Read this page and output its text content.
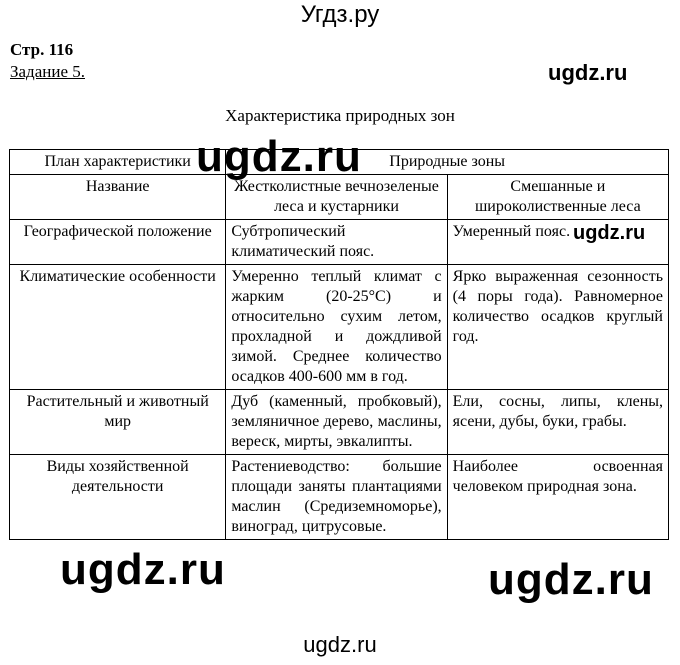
Угдз.ру
Стр. 116
Задание 5.	ugdz.ru
Характеристика природных зон
План характеристики	Природные зоны	
Название	Жестколистные вечнозеленые леса и кустарники	Смешанные и широколиственные леса
Географической положение	Субтропический климатический пояс.	Умеренный пояс.
Климатические особенности	Умеренно теплый климат с жарким (20-25°С) и относительно сухим летом, прохладной и дождливой зимой. Среднее количество осадков 400-600 мм в год.	Ярко выраженная сезонность (4 поры года). Равномерное количество осадков круглый год.
Растительный и животный мир	Дуб (каменный, пробковый), земляничное дерево, маслины, вереск, мирты, эвкалипты.	Ели, сосны, липы, клены, ясени, дубы, буки, грабы.
Виды хозяйственной деятельности	Растениеводство: большие площади заняты плантациями маслин (Средиземноморье), виноград, цитрусовые.	Наиболее освоенная человеком природная зона.
ugdz.ru
ugdz.ru
ugdz.ru	ugdz.ru
ugdz.ru
